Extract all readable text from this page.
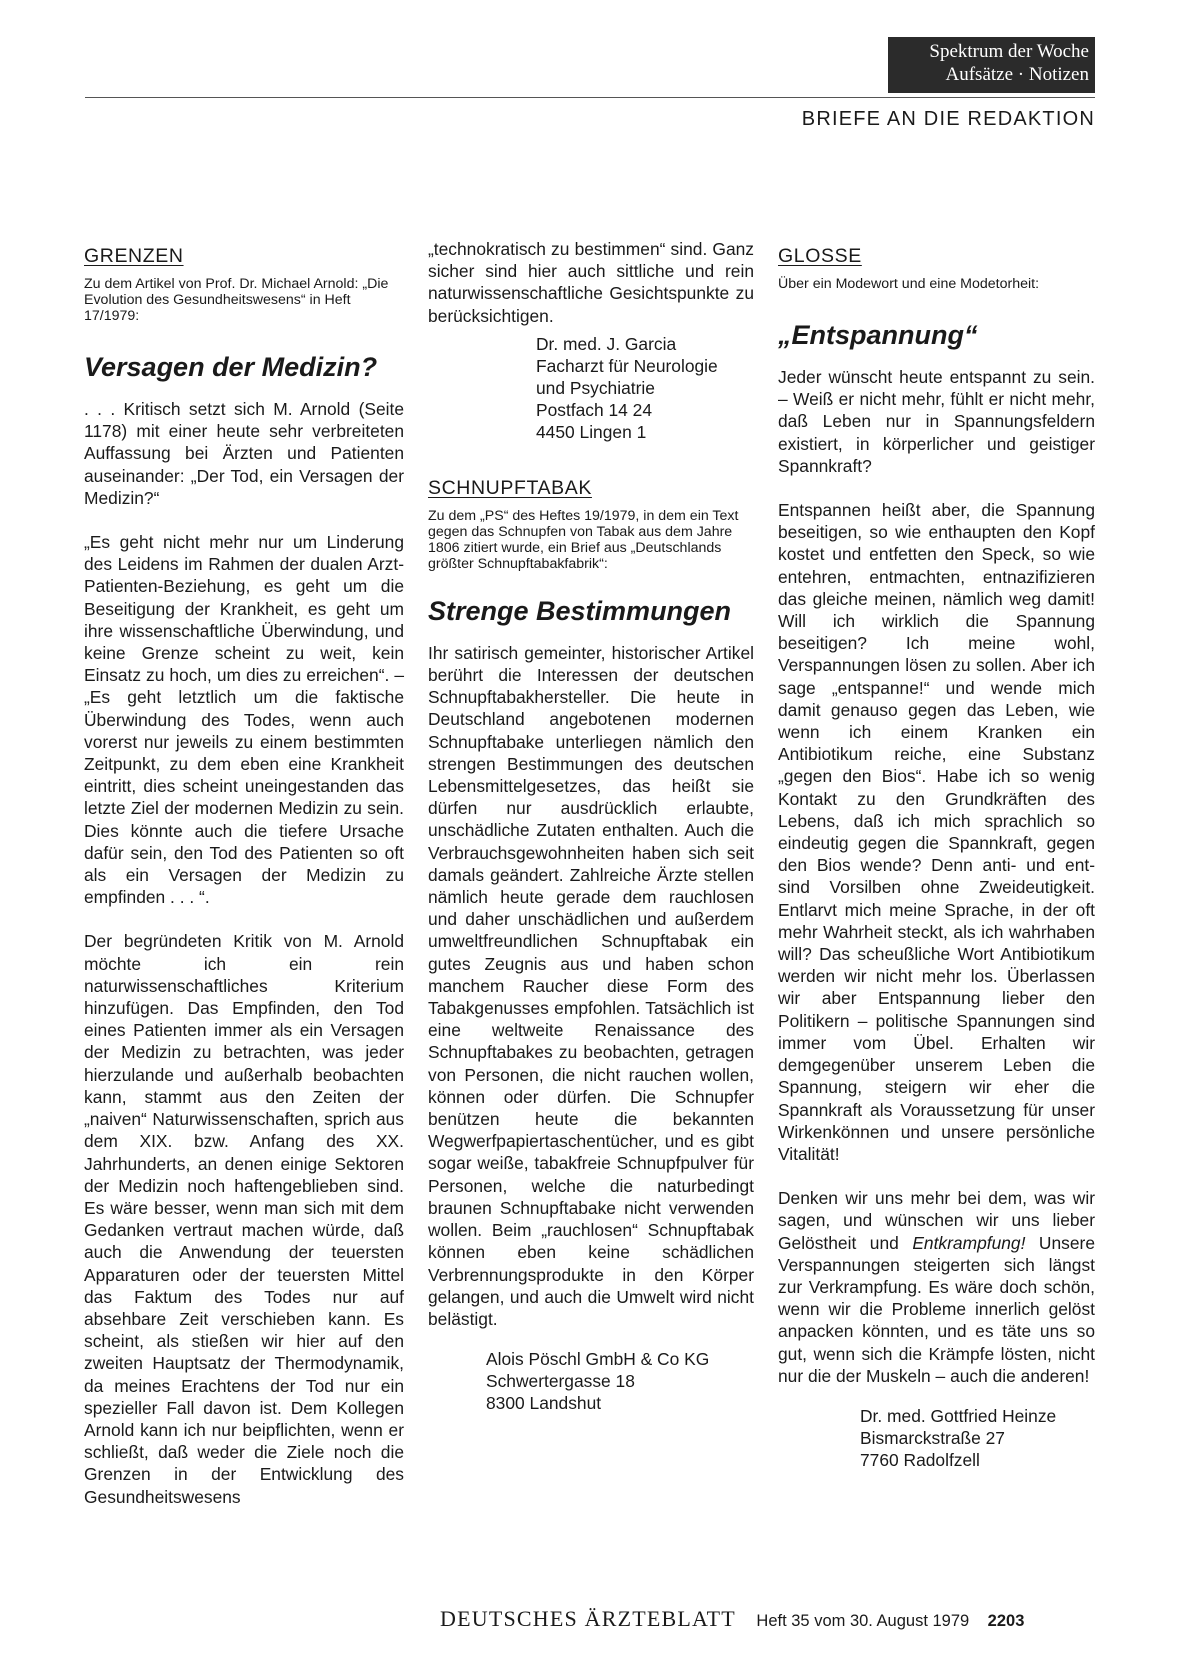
Spektrum der Woche
Aufsätze · Notizen
BRIEFE AN DIE REDAKTION
GRENZEN

Zu dem Artikel von Prof. Dr. Michael Arnold: „Die Evolution des Gesundheitswesens“ in Heft 17/1979:

Versagen der Medizin?

. . . Kritisch setzt sich M. Arnold (Seite 1178) mit einer heute sehr verbreiteten Auffassung bei Ärzten und Patienten auseinander: „Der Tod, ein Versagen der Medizin?“

„Es geht nicht mehr nur um Linderung des Leidens im Rahmen der dualen Arzt-Patienten-Beziehung, es geht um die Beseitigung der Krankheit, es geht um ihre wissenschaftliche Überwindung, und keine Grenze scheint zu weit, kein Einsatz zu hoch, um dies zu erreichen“. – „Es geht letztlich um die faktische Überwindung des Todes, wenn auch vorerst nur jeweils zu einem bestimmten Zeitpunkt, zu dem eben eine Krankheit eintritt, dies scheint uneingestanden das letzte Ziel der modernen Medizin zu sein. Dies könnte auch die tiefere Ursache dafür sein, den Tod des Patienten so oft als ein Versagen der Medizin zu empfinden . . . “.

Der begründeten Kritik von M. Arnold möchte ich ein rein naturwissenschaftliches Kriterium hinzufügen. Das Empfinden, den Tod eines Patienten immer als ein Versagen der Medizin zu betrachten, was jeder hierzulande und außerhalb beobachten kann, stammt aus den Zeiten der „naiven“ Naturwissenschaften, sprich aus dem XIX. bzw. Anfang des XX. Jahrhunderts, an denen einige Sektoren der Medizin noch haftengeblieben sind. Es wäre besser, wenn man sich mit dem Gedanken vertraut machen würde, daß auch die Anwendung der teuersten Apparaturen oder der teuersten Mittel das Faktum des Todes nur auf absehbare Zeit verschieben kann. Es scheint, als stießen wir hier auf den zweiten Hauptsatz der Thermodynamik, da meines Erachtens der Tod nur ein spezieller Fall davon ist. Dem Kollegen Arnold kann ich nur beipflichten, wenn er schließt, daß weder die Ziele noch die Grenzen in der Entwicklung des Gesundheitswesens

„technokratisch zu bestimmen“ sind. Ganz sicher sind hier auch sittliche und rein naturwissenschaftliche Gesichtspunkte zu berücksichtigen.

Dr. med. J. Garcia
Facharzt für Neurologie
und Psychiatrie
Postfach 14 24
4450 Lingen 1
SCHNUPFTABAK

Zu dem „PS“ des Heftes 19/1979, in dem ein Text gegen das Schnupfen von Tabak aus dem Jahre 1806 zitiert wurde, ein Brief aus „Deutschlands größter Schnupftabakfabrik“:

Strenge Bestimmungen

Ihr satirisch gemeinter, historischer Artikel berührt die Interessen der deutschen Schnupftabakhersteller. Die heute in Deutschland angebotenen modernen Schnupftabake unterliegen nämlich den strengen Bestimmungen des deutschen Lebensmittelgesetzes, das heißt sie dürfen nur ausdrücklich erlaubte, unschädliche Zutaten enthalten. Auch die Verbrauchsgewohnheiten haben sich seit damals geändert. Zahlreiche Ärzte stellen nämlich heute gerade dem rauchlosen und daher unschädlichen und außerdem umweltfreundlichen Schnupftabak ein gutes Zeugnis aus und haben schon manchem Raucher diese Form des Tabakgenusses empfohlen. Tatsächlich ist eine weltweite Renaissance des Schnupftabakes zu beobachten, getragen von Personen, die nicht rauchen wollen, können oder dürfen. Die Schnupfer benützen heute die bekannten Wegwerfpapiertaschentücher, und es gibt sogar weiße, tabakfreie Schnupfpulver für Personen, welche die naturbedingt braunen Schnupftabake nicht verwenden wollen. Beim „rauchlosen“ Schnupftabak können eben keine schädlichen Verbrennungsprodukte in den Körper gelangen, und auch die Umwelt wird nicht belästigt.

Alois Pöschl GmbH & Co KG
Schwertergasse 18
8300 Landshut
GLOSSE

Über ein Modewort und eine Modetorheit:

„Entspannung“

Jeder wünscht heute entspannt zu sein. – Weiß er nicht mehr, fühlt er nicht mehr, daß Leben nur in Spannungsfeldern existiert, in körperlicher und geistiger Spannkraft?

Entspannen heißt aber, die Spannung beseitigen, so wie enthaupten den Kopf kostet und entfetten den Speck, so wie entehren, entmachten, entnazifizieren das gleiche meinen, nämlich weg damit! Will ich wirklich die Spannung beseitigen? Ich meine wohl, Verspannungen lösen zu sollen. Aber ich sage „entspanne!“ und wende mich damit genauso gegen das Leben, wie wenn ich einem Kranken ein Antibiotikum reiche, eine Substanz „gegen den Bios“. Habe ich so wenig Kontakt zu den Grundkräften des Lebens, daß ich mich sprachlich so eindeutig gegen die Spannkraft, gegen den Bios wende? Denn anti- und ent- sind Vorsilben ohne Zweideutigkeit. Entlarvt mich meine Sprache, in der oft mehr Wahrheit steckt, als ich wahrhaben will? Das scheußliche Wort Antibiotikum werden wir nicht mehr los. Überlassen wir aber Entspannung lieber den Politikern – politische Spannungen sind immer vom Übel. Erhalten wir demgegenüber unserem Leben die Spannung, steigern wir eher die Spannkraft als Voraussetzung für unser Wirkenkönnen und unsere persönliche Vitalität!

Denken wir uns mehr bei dem, was wir sagen, und wünschen wir uns lieber Gelöstheit und Entkrampfung! Unsere Verspannungen steigerten sich längst zur Verkrampfung. Es wäre doch schön, wenn wir die Probleme innerlich gelöst anpacken könnten, und es täte uns so gut, wenn sich die Krämpfe lösten, nicht nur die der Muskeln – auch die anderen!

Dr. med. Gottfried Heinze
Bismarckstraße 27
7760 Radolfzell
DEUTSCHES ÄRZTEBLATT Heft 35 vom 30. August 1979 2203
